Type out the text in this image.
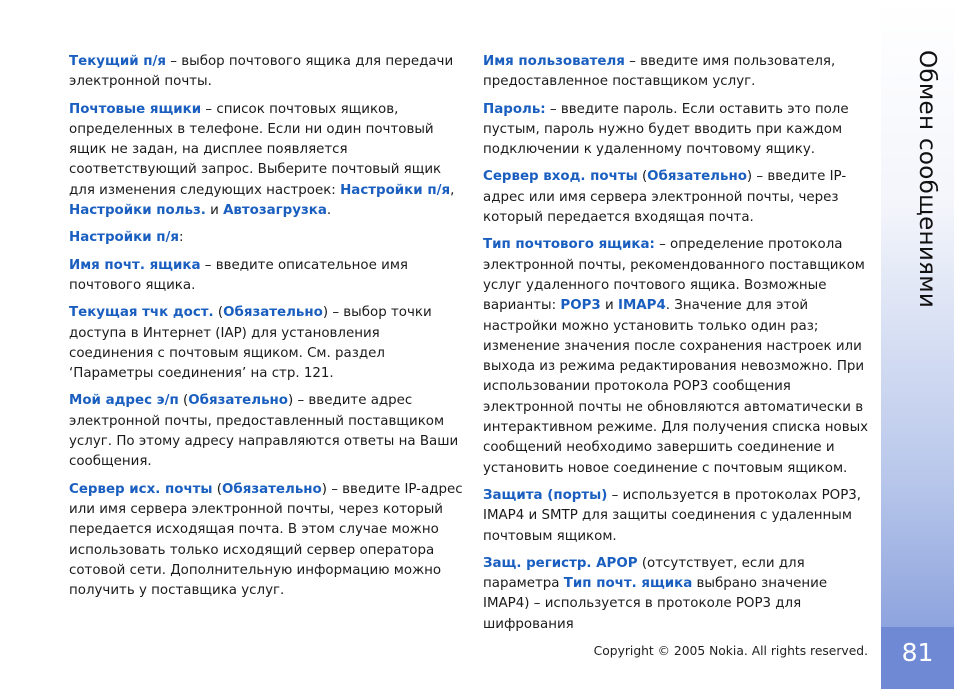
Обмен сообщениями
81

Текущий п/я – выбор почтового ящика для передачи электронной почты.

Почтовые ящики – список почтовых ящиков, определенных в телефоне. Если ни один почтовый ящик не задан, на дисплее появляется соответствующий запрос. Выберите почтовый ящик для изменения следующих настроек: Настройки п/я, Настройки польз. и Автозагрузка.

Настройки п/я:

Имя почт. ящика – введите описательное имя почтового ящика.

Текущая тчк дост. (Обязательно) – выбор точки доступа в Интернет (IAP) для установления соединения с почтовым ящиком. См. раздел ‘Параметры соединения’ на стр. 121.

Мой адрес э/п (Обязательно) – введите адрес электронной почты, предоставленный поставщиком услуг. По этому адресу направляются ответы на Ваши сообщения.

Сервер исх. почты (Обязательно) – введите IP-адрес или имя сервера электронной почты, через который передается исходящая почта. В этом случае можно использовать только исходящий сервер оператора сотовой сети. Дополнительную информацию можно получить у поставщика услуг.

Имя пользователя – введите имя пользователя, предоставленное поставщиком услуг.

Пароль: – введите пароль. Если оставить это поле пустым, пароль нужно будет вводить при каждом подключении к удаленному почтовому ящику.

Сервер вход. почты (Обязательно) – введите IP-адрес или имя сервера электронной почты, через который передается входящая почта.

Тип почтового ящика: – определение протокола электронной почты, рекомендованного поставщиком услуг удаленного почтового ящика. Возможные варианты: POP3 и IMAP4. Значение для этой настройки можно установить только один раз; изменение значения после сохранения настроек или выхода из режима редактирования невозможно. При использовании протокола POP3 сообщения электронной почты не обновляются автоматически в интерактивном режиме. Для получения списка новых сообщений необходимо завершить соединение и установить новое соединение с почтовым ящиком.

Защита (порты) – используется в протоколах POP3, IMAP4 и SMTP для защиты соединения с удаленным почтовым ящиком.

Защ. регистр. APOP (отсутствует, если для параметра Тип почт. ящика выбрано значение IMAP4) – используется в протоколе POP3 для шифрования

Copyright © 2005 Nokia. All rights reserved.
